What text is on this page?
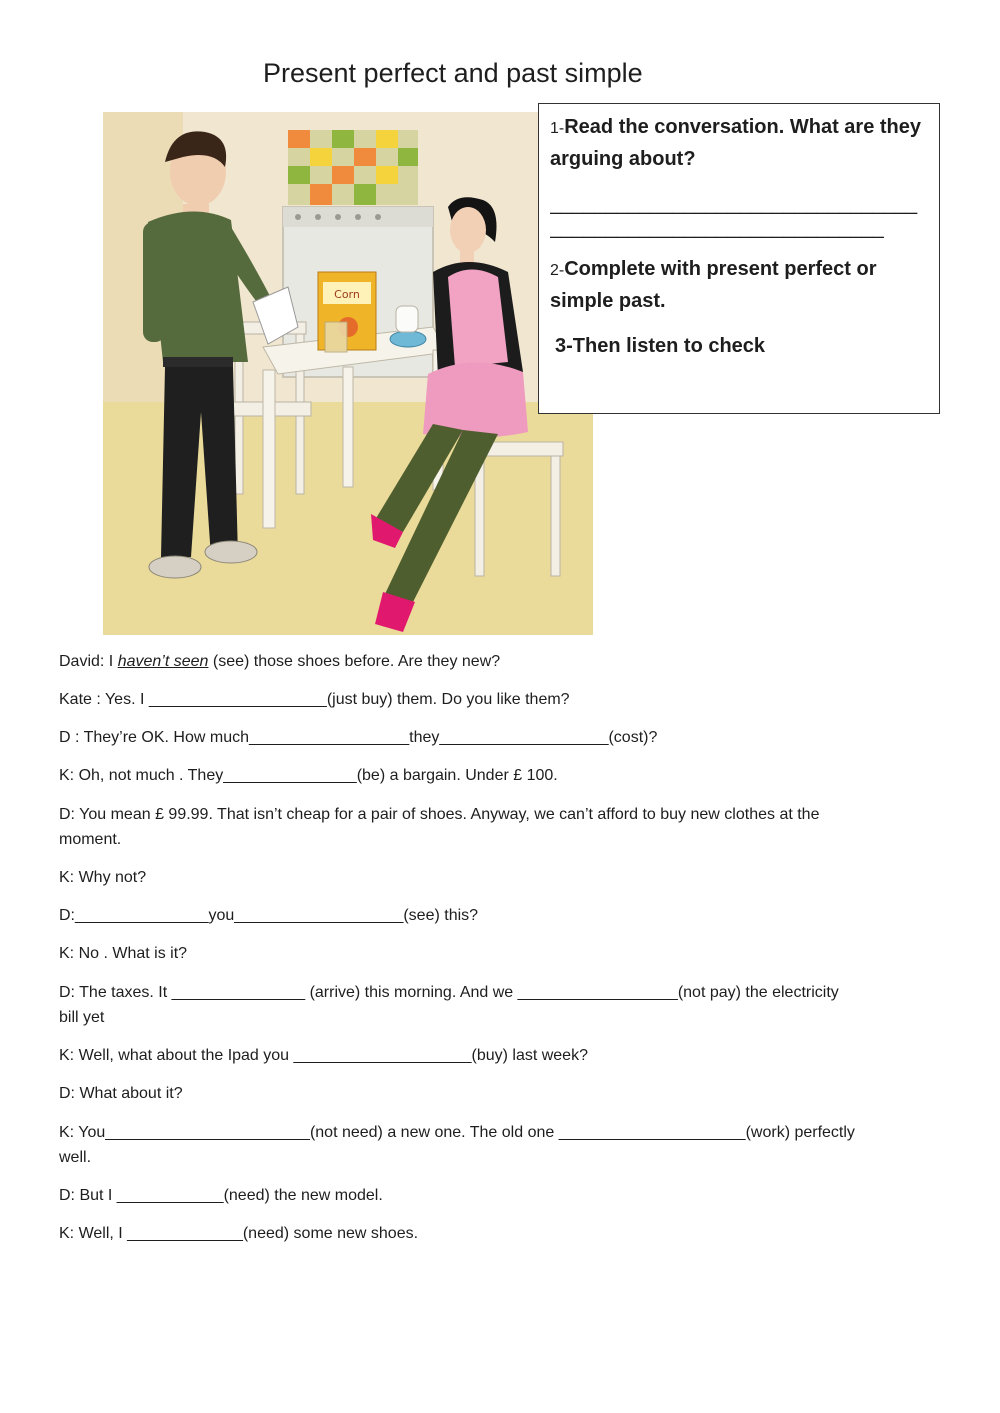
Present perfect and past simple
Corn

1-Read the conversation. What are they arguing about?

_________________________________

______________________________

2-Complete with present perfect or simple past.

3-Then listen to check

David: I haven’t seen (see) those shoes before. Are they new?

Kate : Yes. I ____________________(just buy) them. Do you like them?

D : They’re OK. How much__________________they___________________(cost)?

K: Oh, not much . They_______________(be) a bargain. Under £ 100.

D: You mean £ 99.99. That isn’t cheap for a pair of shoes. Anyway, we can’t afford to buy new clothes at the moment.

K: Why not?

D:_______________you___________________(see) this?

K: No . What is it?

D: The taxes. It _______________ (arrive) this morning. And we __________________(not pay) the electricity bill yet

K: Well, what about the Ipad you ____________________(buy) last week?

D: What about it?

K: You_______________________(not need) a new one. The old one _____________________(work) perfectly well.

D: But I ____________(need) the new model.

K: Well, I _____________(need) some new shoes.
